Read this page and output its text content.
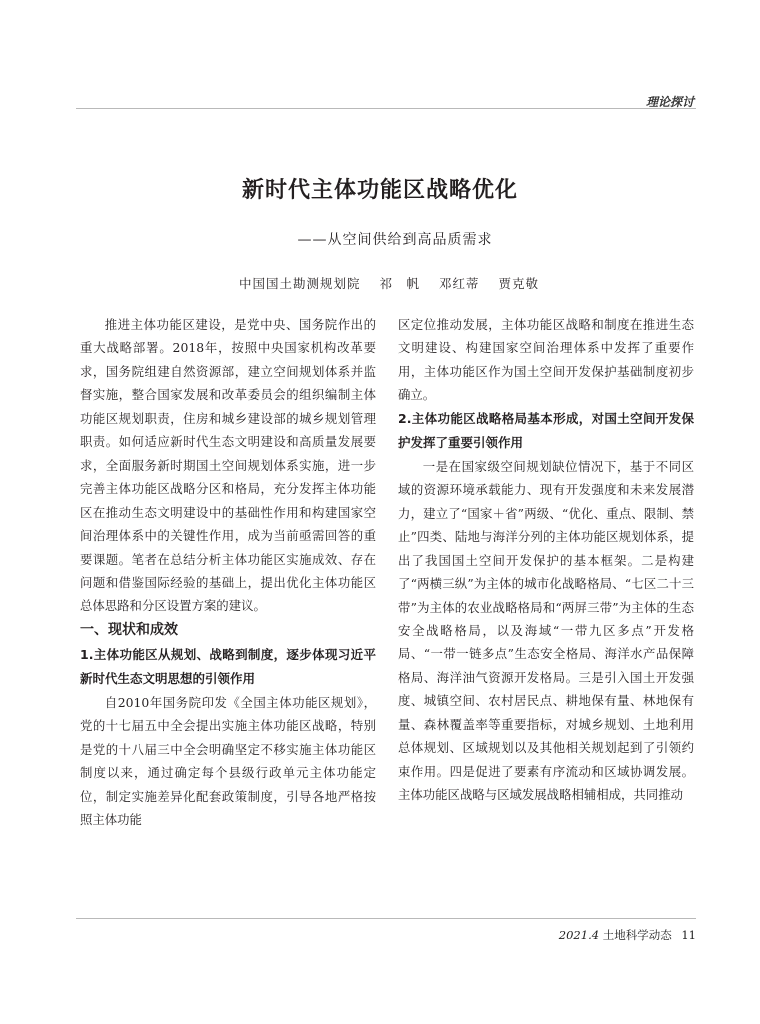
理论探讨
新时代主体功能区战略优化
——从空间供给到高品质需求
中国国土勘测规划院 祁　帆 邓红蒂 贾克敬

推进主体功能区建设，是党中央、国务院作出的重大战略部署。2018年，按照中央国家机构改革要求，国务院组建自然资源部，建立空间规划体系并监督实施，整合国家发展和改革委员会的组织编制主体功能区规划职责，住房和城乡建设部的城乡规划管理职责。如何适应新时代生态文明建设和高质量发展要求，全面服务新时期国土空间规划体系实施，进一步完善主体功能区战略分区和格局，充分发挥主体功能区在推动生态文明建设中的基础性作用和构建国家空间治理体系中的关键性作用，成为当前亟需回答的重要课题。笔者在总结分析主体功能区实施成效、存在问题和借鉴国际经验的基础上，提出优化主体功能区总体思路和分区设置方案的建议。

一、现状和成效
1.主体功能区从规划、战略到制度，逐步体现习近平新时代生态文明思想的引领作用

自2010年国务院印发《全国主体功能区规划》，党的十七届五中全会提出实施主体功能区战略，特别是党的十八届三中全会明确坚定不移实施主体功能区制度以来，通过确定每个县级行政单元主体功能定位，制定实施差异化配套政策制度，引导各地严格按照主体功能

区定位推动发展，主体功能区战略和制度在推进生态文明建设、构建国家空间治理体系中发挥了重要作用，主体功能区作为国土空间开发保护基础制度初步确立。

2.主体功能区战略格局基本形成，对国土空间开发保护发挥了重要引领作用

一是在国家级空间规划缺位情况下，基于不同区域的资源环境承载能力、现有开发强度和未来发展潜力，建立了“国家＋省”两级、“优化、重点、限制、禁止”四类、陆地与海洋分列的主体功能区规划体系，提出了我国国土空间开发保护的基本框架。二是构建了“两横三纵”为主体的城市化战略格局、“七区二十三带”为主体的农业战略格局和“两屏三带”为主体的生态安全战略格局，以及海域“一带九区多点”开发格局、“一带一链多点”生态安全格局、海洋水产品保障格局、海洋油气资源开发格局。三是引入国土开发强度、城镇空间、农村居民点、耕地保有量、林地保有量、森林覆盖率等重要指标，对城乡规划、土地利用总体规划、区域规划以及其他相关规划起到了引领约束作用。四是促进了要素有序流动和区域协调发展。主体功能区战略与区域发展战略相辅相成，共同推动

2021.4 土地科学动态 11
